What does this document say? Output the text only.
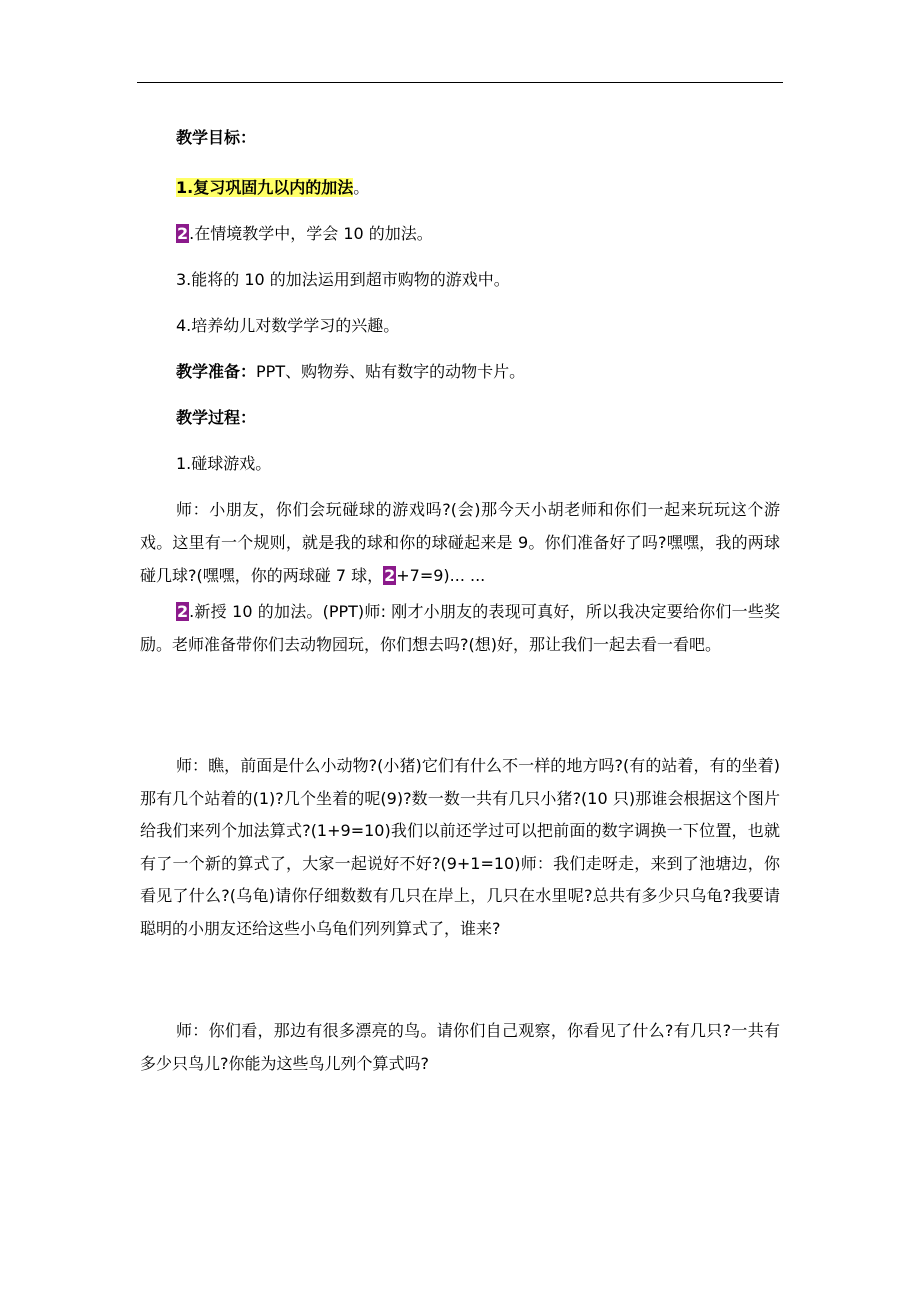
教学目标：
1.复习巩固九以内的加法。
2.在情境教学中，学会 10 的加法。
3.能将的 10 的加法运用到超市购物的游戏中。
4.培养幼儿对数学学习的兴趣。
教学准备：PPT、购物券、贴有数字的动物卡片。
教学过程：
1.碰球游戏。
师：小朋友，你们会玩碰球的游戏吗?(会)那今天小胡老师和你们一起来玩玩这个游戏。这里有一个规则，就是我的球和你的球碰起来是 9。你们准备好了吗?嘿嘿，我的两球碰几球?(嘿嘿，你的两球碰 7 球，2+7=9)... ...
2.新授 10 的加法。(PPT)师: 刚才小朋友的表现可真好，所以我决定要给你们一些奖励。老师准备带你们去动物园玩，你们想去吗?(想)好，那让我们一起去看一看吧。
师：瞧，前面是什么小动物?(小猪)它们有什么不一样的地方吗?(有的站着，有的坐着)那有几个站着的(1)?几个坐着的呢(9)?数一数一共有几只小猪?(10 只)那谁会根据这个图片给我们来列个加法算式?(1+9=10)我们以前还学过可以把前面的数字调换一下位置，也就有了一个新的算式了，大家一起说好不好?(9+1=10)师：我们走呀走，来到了池塘边，你看见了什么?(乌龟)请你仔细数数有几只在岸上，几只在水里呢?总共有多少只乌龟?我要请聪明的小朋友还给这些小乌龟们列列算式了，谁来?
师：你们看，那边有很多漂亮的鸟。请你们自己观察，你看见了什么?有几只?一共有多少只鸟儿?你能为这些鸟儿列个算式吗?
